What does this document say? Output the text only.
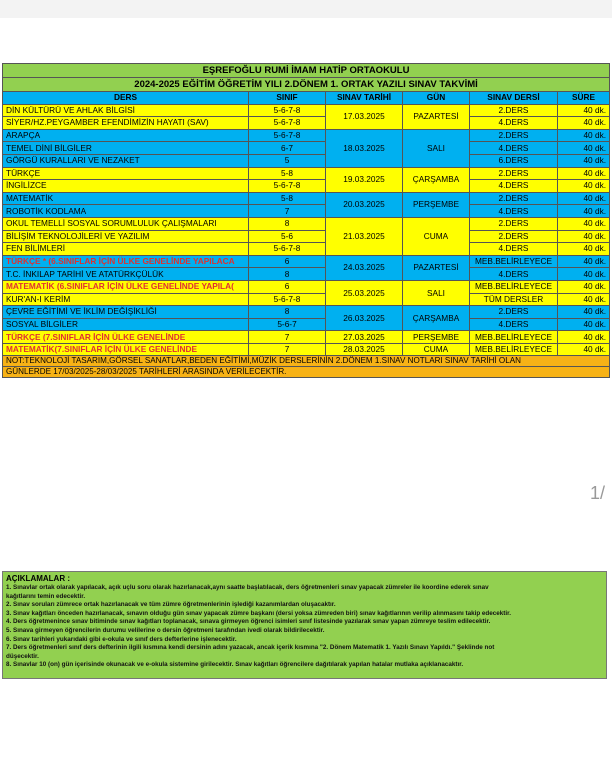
EŞREFOĞLU RUMİ İMAM HATİP ORTAOKULU					
2024-2025 EĞİTİM ÖĞRETİM YILI 2.DÖNEM 1. ORTAK YAZILI SINAV TAKVİMİ					
DERS	SINIF	SINAV TARİHİ	GÜN	SINAV DERSİ	SÜRE
DİN KÜLTÜRÜ VE AHLAK BİLGİSİ	5-6-7-8	17.03.2025	PAZARTESİ	2.DERS	40 dk.
SİYER/HZ.PEYGAMBER EFENDİMİZİN HAYATI (SAV)	5-6-7-8			4.DERS	40 dk.
ARAPÇA	5-6-7-8	18.03.2025	SALI	2.DERS	40 dk.
TEMEL DİNİ BİLGİLER	6-7			4.DERS	40 dk.
GÖRGÜ KURALLARI VE NEZAKET	5			6.DERS	40 dk.
TÜRKÇE	5-8	19.03.2025	ÇARŞAMBA	2.DERS	40 dk.
İNGİLİZCE	5-6-7-8			4.DERS	40 dk.
MATEMATİK	5-8	20.03.2025	PERŞEMBE	2.DERS	40 dk.
ROBOTİK KODLAMA	7			4.DERS	40 dk.
OKUL TEMELLİ SOSYAL SORUMLULUK ÇALIŞMALARI	8	21.03.2025	CUMA	2.DERS	40 dk.
BİLİŞİM TEKNOLOJİLERİ VE YAZILIM	5-6			2.DERS	40 dk.
FEN BİLİMLERİ	5-6-7-8			4.DERS	40 dk.
TÜRKÇE * (6.SINIFLAR İÇİN ÜLKE GENELİNDE YAPILACA	6	24.03.2025	PAZARTESİ	MEB.BELİRLEYECE	40 dk.
T.C. İNKILAP TARİHİ VE ATATÜRKÇÜLÜK	8			4.DERS	40 dk.
MATEMATİK (6.SINIFLAR İÇİN ÜLKE GENELİNDE YAPILA(	6	25.03.2025	SALI	MEB.BELİRLEYECE	40 dk.
KUR'AN-I KERİM	5-6-7-8			TÜM DERSLER	40 dk.
ÇEVRE EĞİTİMİ VE İKLİM DEĞİŞİKLİĞİ	8	26.03.2025	ÇARŞAMBA	2.DERS	40 dk.
SOSYAL BİLGİLER	5-6-7			4.DERS	40 dk.
TÜRKÇE (7.SINIFLAR İÇİN ÜLKE GENELİNDE	7	27.03.2025	PERŞEMBE	MEB.BELİRLEYECE	40 dk.
MATEMATİK(7.SINIFLAR İÇİN ÜLKE GENELİNDE	7	28.03.2025	CUMA	MEB.BELİRLEYECE	40 dk.
NOT:TEKNOLOJİ TASARIM,GÖRSEL SANATLAR,BEDEN EĞİTİMİ,MÜZİK DERSLERİNİN 2.DÖNEM 1.SINAV NOTLARI SINAV TARİHİ OLAN					
GÜNLERDE 17/03/2025-28/03/2025 TARİHLERİ ARASINDA VERİLECEKTİR.					
1/
AÇIKLAMALAR :
1. Sınavlar ortak olarak yapılacak, açık uçlu soru olarak hazırlanacak,aynı saatte başlatılacak, ders öğretmenleri sınav yapacak zümreler ile koordine ederek sınav
kağıtlarını temin edecektir.
2. Sınav soruları zümrece ortak hazırlanacak ve tüm zümre öğretmenlerinin işlediği kazanımlardan oluşacaktır.
3. Sınav kağıtları önceden hazırlanacak, sınavın olduğu gün sınav yapacak zümre başkanı (dersi yoksa zümreden biri) sınav kağıtlarının verilip alınmasını takip edecektir.
4. Ders öğretmenince sınav bitiminde sınav kağıtları toplanacak, sınava girmeyen öğrenci isimleri sınıf listesinde yazılarak sınav yapan zümreye teslim edilecektir.
5. Sınava girmeyen öğrencilerin durumu velilerine o dersin öğretmeni tarafından ivedi olarak bildirilecektir.
6. Sınav tarihleri yukarıdaki gibi e-okula ve sınıf ders defterlerine işlenecektir.
7. Ders öğretmenleri sınıf ders defterinin ilgili kısmına kendi dersinin adını yazacak, ancak içerik kısmına "2. Dönem Matematik 1. Yazılı Sınavı Yapıldı." Şeklinde not
düşecektir.
8. Sınavlar 10 (on) gün içerisinde okunacak ve e-okula sistemine girilecektir. Sınav kağıtları öğrencilere dağıtılarak yapılan hatalar mutlaka açıklanacaktır.
